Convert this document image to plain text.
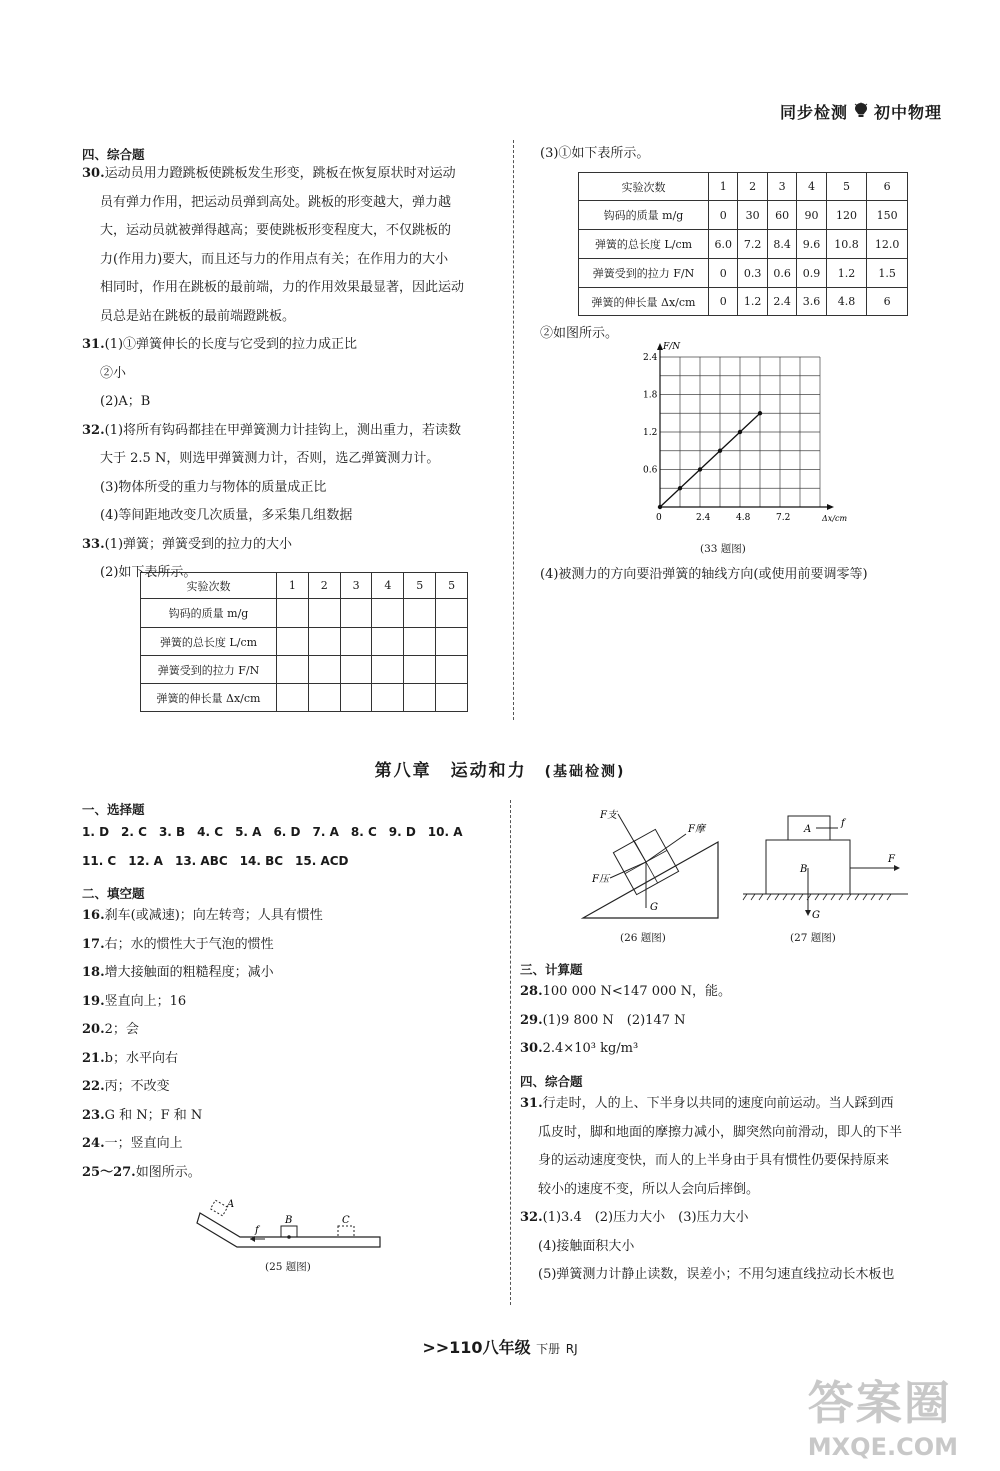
同步检测 初中物理
四、综合题
30.运动员用力蹬跳板使跳板发生形变，跳板在恢复原状时对运动
员有弹力作用，把运动员弹到高处。跳板的形变越大，弹力越
大，运动员就被弹得越高；要使跳板形变程度大，不仅跳板的
力(作用力)要大，而且还与力的作用点有关；在作用力的大小
相同时，作用在跳板的最前端，力的作用效果最显著，因此运动
员总是站在跳板的最前端蹬跳板。
31.(1)①弹簧伸长的长度与它受到的拉力成正比
②小
(2)A；B
32.(1)将所有钩码都挂在甲弹簧测力计挂钩上，测出重力，若读数
大于 2.5 N，则选甲弹簧测力计，否则，选乙弹簧测力计。
(3)物体所受的重力与物体的质量成正比
(4)等间距地改变几次质量，多采集几组数据
33.(1)弹簧；弹簧受到的拉力的大小
(2)如下表所示。
实验次数	1	2	3	4	5	5
钩码的质量 m/g						
弹簧的总长度 L/cm						
弹簧受到的拉力 F/N						
弹簧的伸长量 Δx/cm						
(3)①如下表所示。
实验次数	1	2	3	4	5	6
钩码的质量 m/g	0	30	60	90	120	150
弹簧的总长度 L/cm	6.0	7.2	8.4	9.6	10.8	12.0
弹簧受到的拉力 F/N	0	0.3	0.6	0.9	1.2	1.5
弹簧的伸长量 Δx/cm	0	1.2	2.4	3.6	4.8	6
②如图所示。
F/N
Δx/cm
0	2.4	4.8	7.2
0.6
1.2
1.8
2.4
(33 题图)
(4)被测力的方向要沿弹簧的轴线方向(或使用前要调零等)
第八章　运动和力 (基础检测)
一、选择题
1. D　2. C　3. B　4. C　5. A　6. D　7. A　8. C　9. D　10. A
11. C　12. A　13. ABC　14. BC　15. ACD
二、填空题
16.刹车(或减速)；向左转弯；人具有惯性
17.右；水的惯性大于气泡的惯性
18.增大接触面的粗糙程度；减小
19.竖直向上；16
20.2；会
21.b；水平向右
22.丙；不改变
23.G 和 N；F 和 N
24.一；竖直向上
25～27.如图所示。
A
f
B	C
(25 题图)
F支
F摩
F压
G
(26 题图)
A
f
B
F
G
(27 题图)
三、计算题
28.100 000 N<147 000 N，能。
29.(1)9 800 N　(2)147 N
30.2.4×10³ kg/m³
四、综合题
31.行走时，人的上、下半身以共同的速度向前运动。当人踩到西
瓜皮时，脚和地面的摩擦力减小，脚突然向前滑动，即人的下半
身的运动速度变快，而人的上半身由于具有惯性仍要保持原来
较小的速度不变，所以人会向后摔倒。
32.(1)3.4　(2)压力大小　(3)压力大小
(4)接触面积大小
(5)弹簧测力计静止读数，误差小；不用匀速直线拉动长木板也
>>110八年级 下册 RJ
答案圈
MXQE.COM
